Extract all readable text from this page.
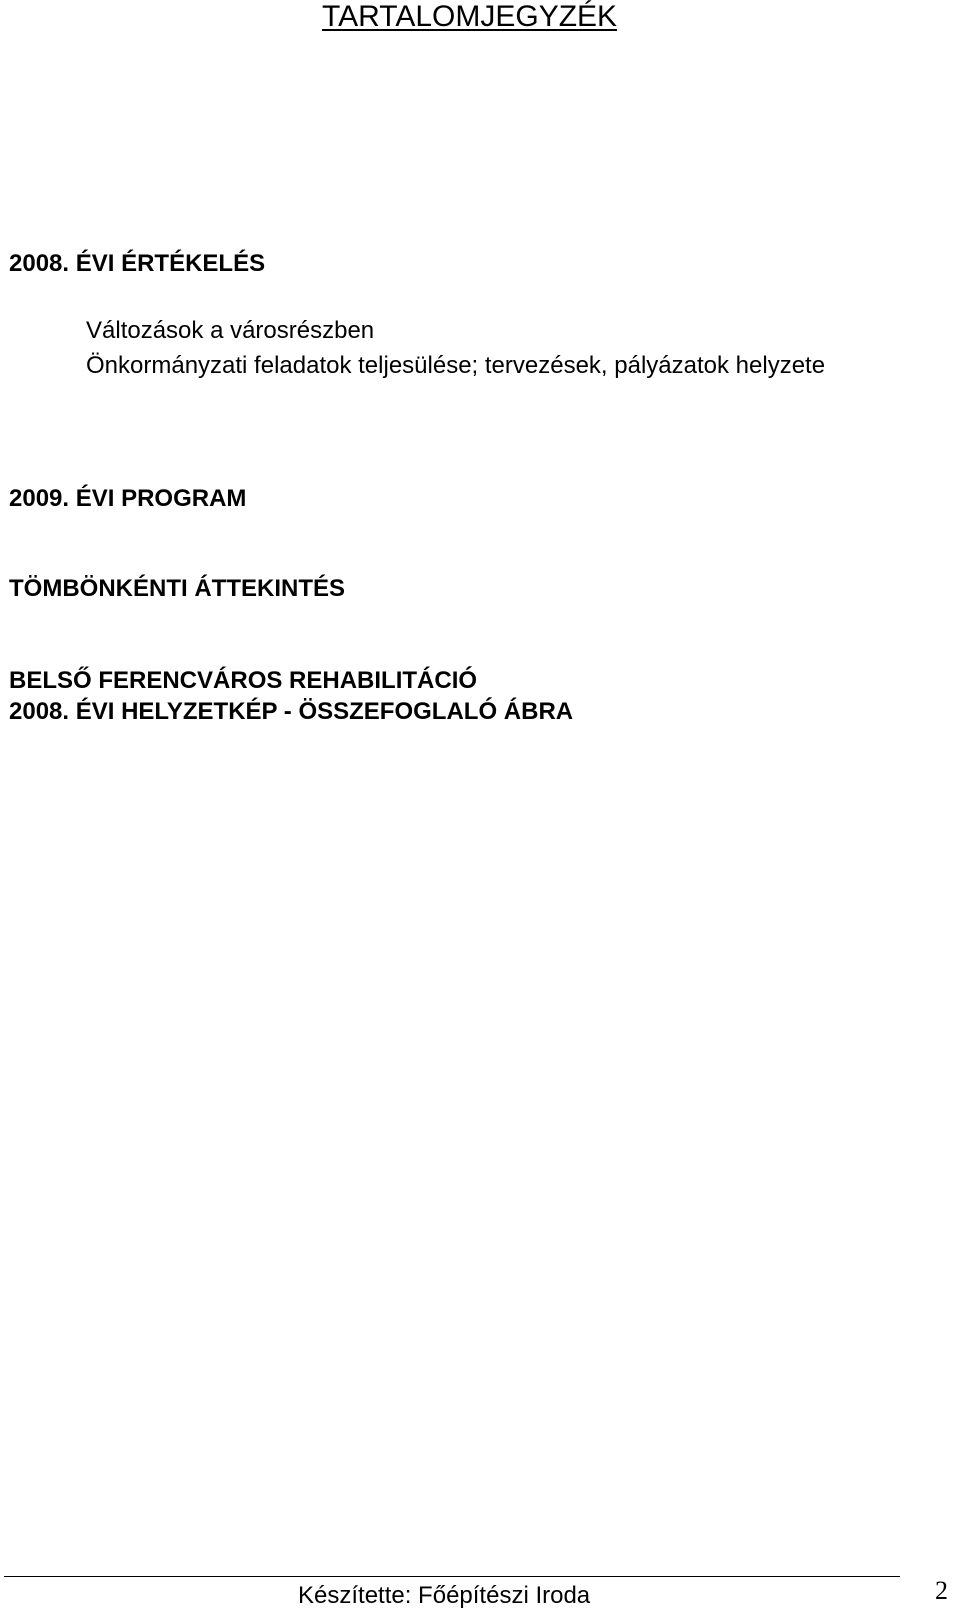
TARTALOMJEGYZÉK
2008. ÉVI ÉRTÉKELÉS
Változások a városrészben
Önkormányzati feladatok teljesülése; tervezések, pályázatok helyzete
2009. ÉVI PROGRAM
TÖMBÖNKÉNTI ÁTTEKINTÉS
BELSŐ FERENCVÁROS REHABILITÁCIÓ
2008. ÉVI HELYZETKÉP - ÖSSZEFOGLALÓ ÁBRA
Készítette: Főépítészi Iroda	2
